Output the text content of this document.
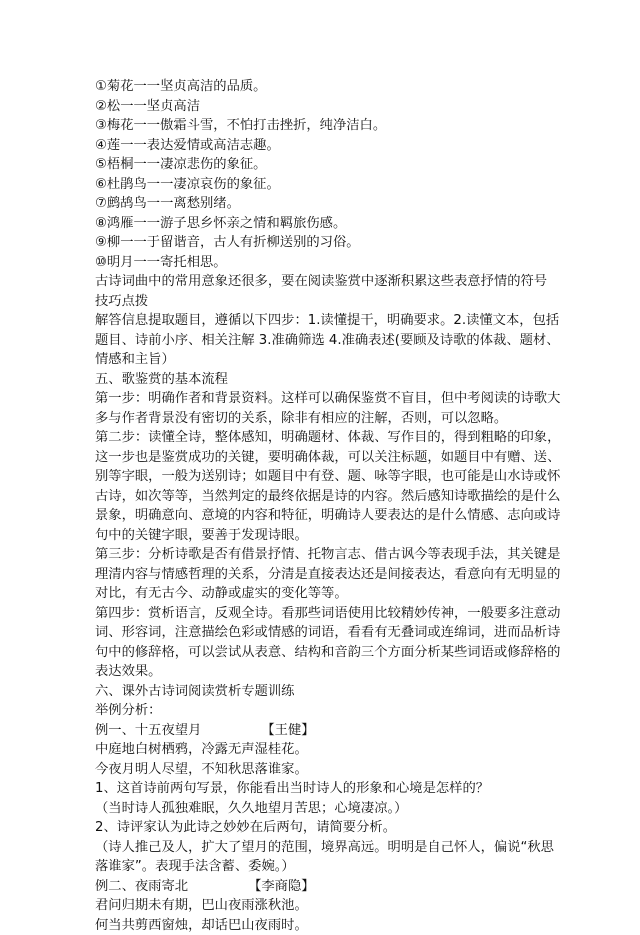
①菊花一一坚贞高洁的品质。
②松一一坚贞高洁
③梅花一一傲霜斗雪，不怕打击挫折，纯净洁白。
④莲一一表达爱情或高洁志趣。
⑤梧桐一一凄凉悲伤的象征。
⑥杜鹃鸟一一凄凉哀伤的象征。
⑦鹧鸪鸟一一离愁别绪。
⑧鸿雁一一游子思乡怀亲之情和羁旅伤感。
⑨柳一一于留谐音，古人有折柳送别的习俗。
⑩明月一一寄托相思。
古诗词曲中的常用意象还很多，要在阅读鉴赏中逐渐积累这些表意抒情的符号
技巧点拨
解答信息提取题目，遵循以下四步：1.读懂提干，明确要求。2.读懂文本，包括
题目、诗前小序、相关注解 3.准确筛选 4.准确表述(要顾及诗歌的体裁、题材、
情感和主旨）
五、歌鉴赏的基本流程
第一步：明确作者和背景资料。这样可以确保鉴赏不盲目，但中考阅读的诗歌大
多与作者背景没有密切的关系，除非有相应的注解，否则，可以忽略。
第二步：读懂全诗，整体感知，明确题材、体裁、写作目的，得到粗略的印象，
这一步也是鉴赏成功的关键，要明确体裁，可以关注标题，如题目中有赠、送、
别等字眼，一般为送别诗；如题目中有登、题、咏等字眼，也可能是山水诗或怀
古诗，如次等等，当然判定的最终依据是诗的内容。然后感知诗歌描绘的是什么
景象，明确意向、意境的内容和特征，明确诗人要表达的是什么情感、志向或诗
句中的关键字眼，要善于发现诗眼。
第三步：分析诗歌是否有借景抒情、托物言志、借古讽今等表现手法，其关键是
理清内容与情感哲理的关系，分清是直接表达还是间接表达，看意向有无明显的
对比，有无古今、动静或虚实的变化等等。
第四步：赏析语言，反观全诗。看那些词语使用比较精妙传神，一般要多注意动
词、形容词，注意描绘色彩或情感的词语，看看有无叠词或连绵词，进而品析诗
句中的修辞格，可以尝试从表意、结构和音韵三个方面分析某些词语或修辞格的
表达效果。
六、课外古诗词阅读赏析专题训练
举例分析：
例一、十五夜望月	【王健】
中庭地白树栖鸦，冷露无声湿桂花。
今夜月明人尽望，不知秋思落谁家。
1、这首诗前两句写景，你能看出当时诗人的形象和心境是怎样的？
（当时诗人孤独难眠，久久地望月苦思；心境凄凉。）
2、诗评家认为此诗之妙妙在后两句，请简要分析。
（诗人推己及人，扩大了望月的范围，境界高远。明明是自己怀人，偏说“秋思
落谁家”。表现手法含蓄、委婉。）
例二、夜雨寄北	【李商隐】
君问归期未有期，巴山夜雨涨秋池。
何当共剪西窗烛，却话巴山夜雨时。
